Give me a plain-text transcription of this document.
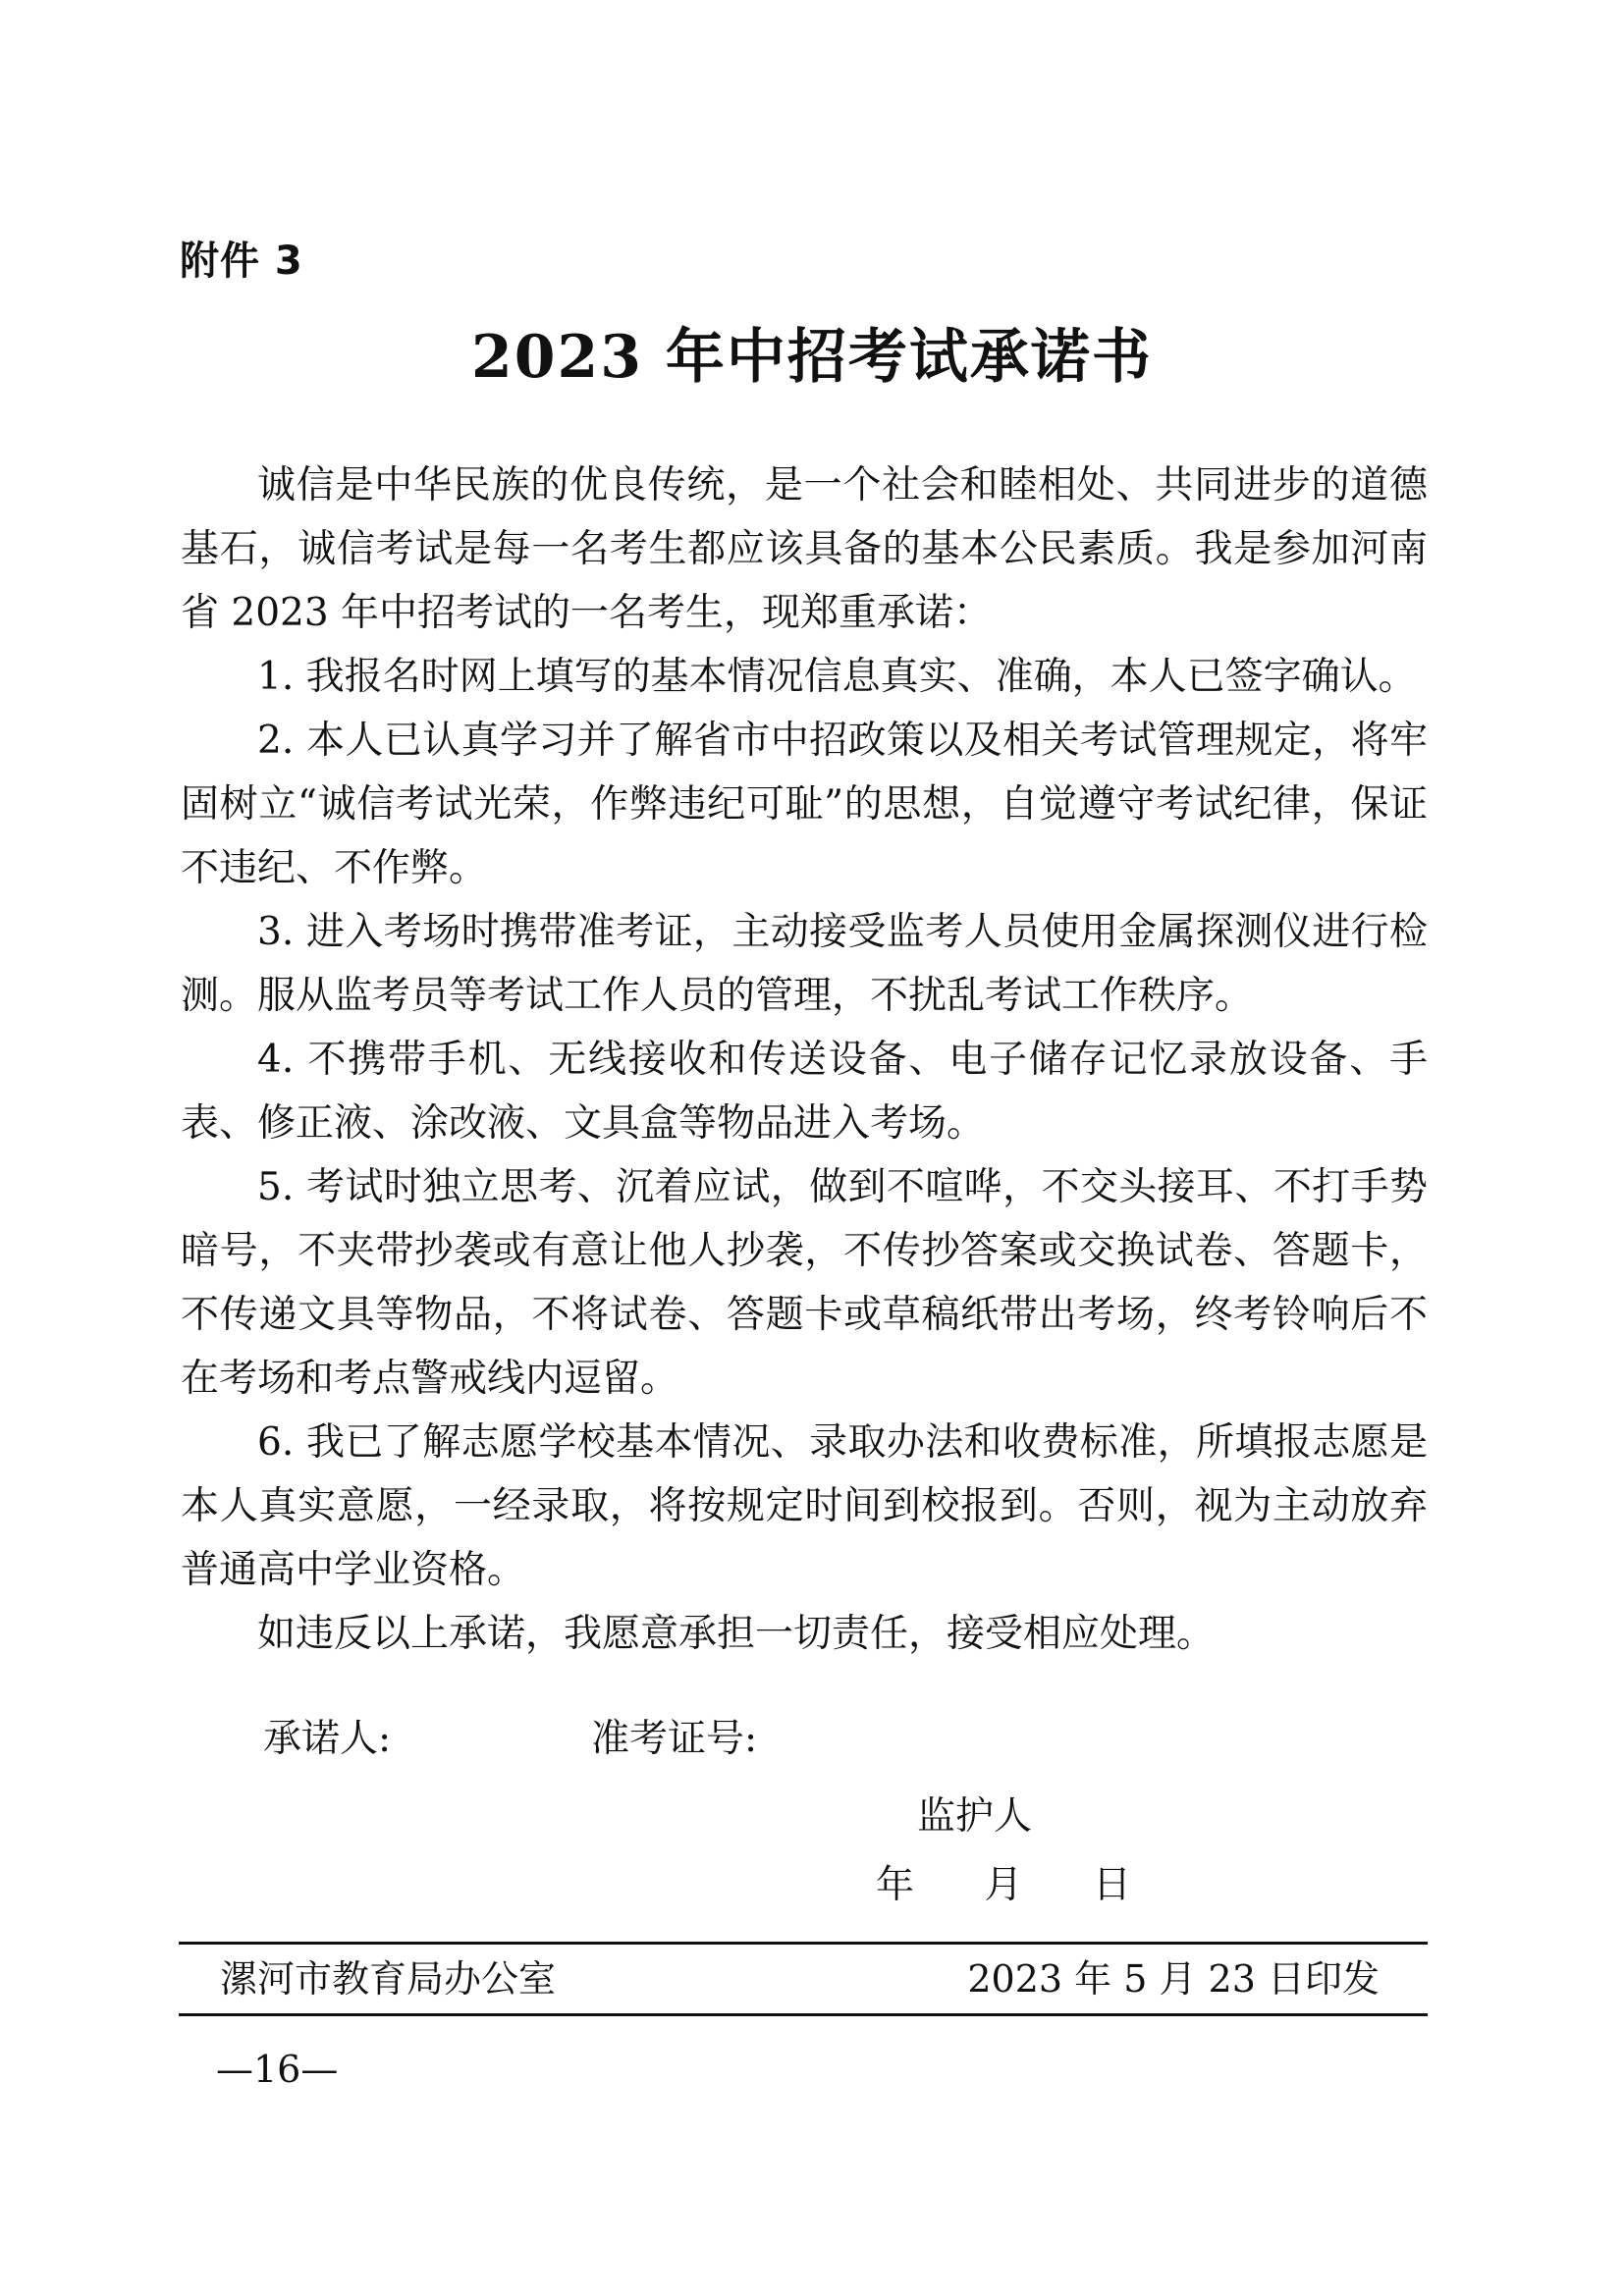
附件 3
2023 年中招考试承诺书

诚信是中华民族的优良传统，是一个社会和睦相处、共同进步的道德基石，诚信考试是每一名考生都应该具备的基本公民素质。我是参加河南省 2023 年中招考试的一名考生，现郑重承诺：

1. 我报名时网上填写的基本情况信息真实、准确，本人已签字确认。

2. 本人已认真学习并了解省市中招政策以及相关考试管理规定，将牢固树立“诚信考试光荣，作弊违纪可耻”的思想，自觉遵守考试纪律，保证不违纪、不作弊。

3. 进入考场时携带准考证，主动接受监考人员使用金属探测仪进行检测。服从监考员等考试工作人员的管理，不扰乱考试工作秩序。

4. 不携带手机、无线接收和传送设备、电子储存记忆录放设备、手表、修正液、涂改液、文具盒等物品进入考场。

5. 考试时独立思考、沉着应试，做到不喧哗，不交头接耳、不打手势暗号，不夹带抄袭或有意让他人抄袭，不传抄答案或交换试卷、答题卡，不传递文具等物品，不将试卷、答题卡或草稿纸带出考场，终考铃响后不在考场和考点警戒线内逗留。

6. 我已了解志愿学校基本情况、录取办法和收费标准，所填报志愿是本人真实意愿，一经录取，将按规定时间到校报到。否则，视为主动放弃普通高中学业资格。

如违反以上承诺，我愿意承担一切责任，接受相应处理。

承诺人:	准考证号:
监护人
年 月 日
漯河市教育局办公室	2023 年 5 月 23 日印发
—16—
